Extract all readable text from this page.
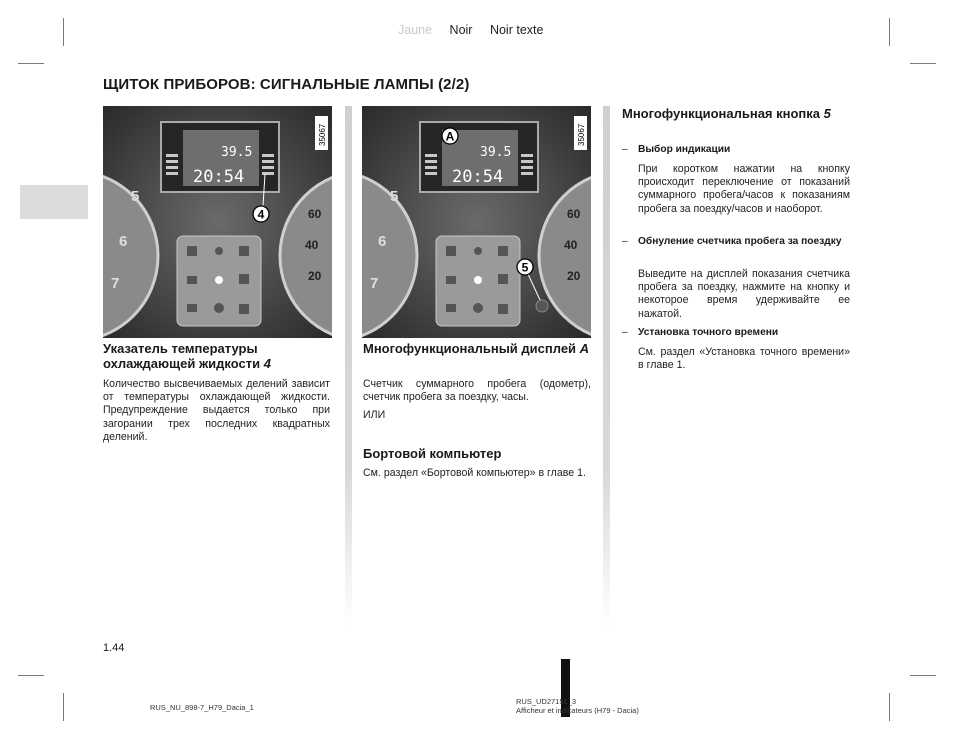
Jaune Noir Noir texte
ЩИТОК ПРИБОРОВ: СИГНАЛЬНЫЕ ЛАМПЫ (2/2)
5
6
7
60
40
20
39.5
20:54
4
35067
5
6
7
60
40
20
39.5
20:54
A
5
35067
Указатель температуры охлаждающей жидкости 4
Количество высвечиваемых делений зависит от температуры охлаждающей жидкости. Предупреждение выдается только при загорании трех последних квадратных делений.
Многофункциональный дисплей A
Счетчик суммарного пробега (одометр), счетчик пробега за поездку, часы.
ИЛИ
Бортовой компьютер
См. раздел «Бортовой компьютер» в главе 1.
Многофункциональная кнопка 5
– Выбор индикации
При коротком нажатии на кнопку происходит переключение от показаний суммарного пробега/часов к показаниям пробега за поездку/часов и наоборот.
– Обнуление счетчика пробега за поездку
Выведите на дисплей показания счетчика пробега за поездку, нажмите на кнопку и некоторое время удерживайте ее нажатой.
– Установка точного времени
См. раздел «Установка точного времени» в главе 1.
1.44
RUS_NU_898-7_H79_Dacia_1
RUS_UD27151_3
Afficheur et indicateurs (H79 - Dacia)
